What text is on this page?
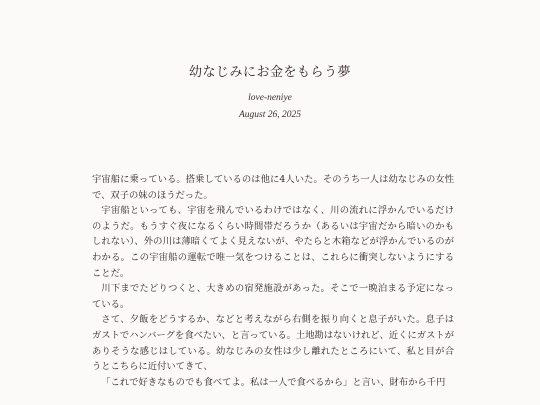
幼なじみにお金をもらう夢
love-neniye
August 26, 2025

宇宙船に乗っている。搭乗しているのは他に4人いた。そのうち一人は幼なじみの女性で、双子の妹のほうだった。

宇宙船といっても、宇宙を飛んでいるわけではなく、川の流れに浮かんでいるだけのようだ。もうすぐ夜になるくらい時間帯だろうか（あるいは宇宙だから暗いのかもしれない）、外の川は薄暗くてよく見えないが、やたらと木箱などが浮かんでいるのがわかる。この宇宙船の運転で唯一気をつけることは、これらに衝突しないようにすることだ。

川下までたどりつくと、大きめの宿発施設があった。そこで一晩泊まる予定になっている。

さて、夕飯をどうするか、などと考えながら右側を振り向くと息子がいた。息子はガストでハンバーグを食べたい、と言っている。土地勘はないけれど、近くにガストがありそうな感じはしている。幼なじみの女性は少し離れたところにいて、私と目が合うとこちらに近付いてきて、

「これで好きなものでも食べてよ。私は一人で食べるから」と言い、財布から千円
